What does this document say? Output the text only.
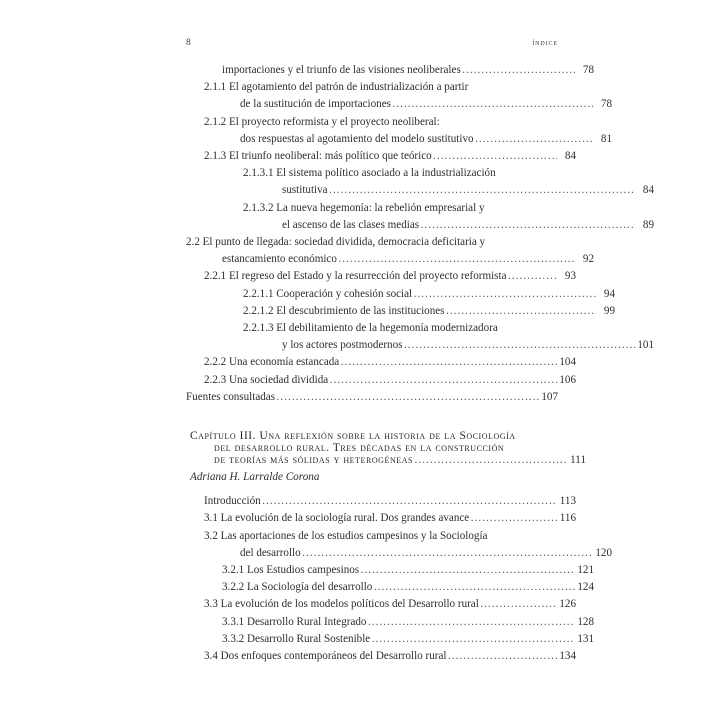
8	índice
importaciones y el triunfo de las visiones neoliberales .....	78
2.1.1 El agotamiento del patrón de industrialización a partir
de la sustitución de importaciones .....	78
2.1.2 El proyecto reformista y el proyecto neoliberal:
dos respuestas al agotamiento del modelo sustitutivo .....	81
2.1.3 El triunfo neoliberal: más político que teórico .....	84
2.1.3.1 El sistema político asociado a la industrialización
sustitutiva .....	84
2.1.3.2 La nueva hegemonía: la rebelión empresarial y
el ascenso de las clases medias .....	89
2.2 El punto de llegada: sociedad dividida, democracia deficitaria y
estancamiento económico .....	92
2.2.1 El regreso del Estado y la resurrección del proyecto reformista .....	93
2.2.1.1 Cooperación y cohesión social .....	94
2.2.1.2 El descubrimiento de las instituciones .....	99
2.2.1.3 El debilitamiento de la hegemonía modernizadora
y los actores postmodernos .....	101
2.2.2 Una economía estancada .....	104
2.2.3 Una sociedad dividida .....	106
Fuentes consultadas .....	107
Capítulo III. Una reflexión sobre la historia de la Sociología
del desarrollo rural. Tres décadas en la construcción
de teorías más sólidas y heterogéneas .....	111
Adriana H. Larralde Corona
Introducción .....	113
3.1 La evolución de la sociología rural. Dos grandes avance .....	116
3.2 Las aportaciones de los estudios campesinos y la Sociología
del desarrollo .....	120
3.2.1 Los Estudios campesinos .....	121
3.2.2 La Sociología del desarrollo .....	124
3.3 La evolución de los modelos políticos del Desarrollo rural .....	126
3.3.1 Desarrollo Rural Integrado .....	128
3.3.2 Desarrollo Rural Sostenible .....	131
3.4 Dos enfoques contemporáneos del Desarrollo rural .....	134
